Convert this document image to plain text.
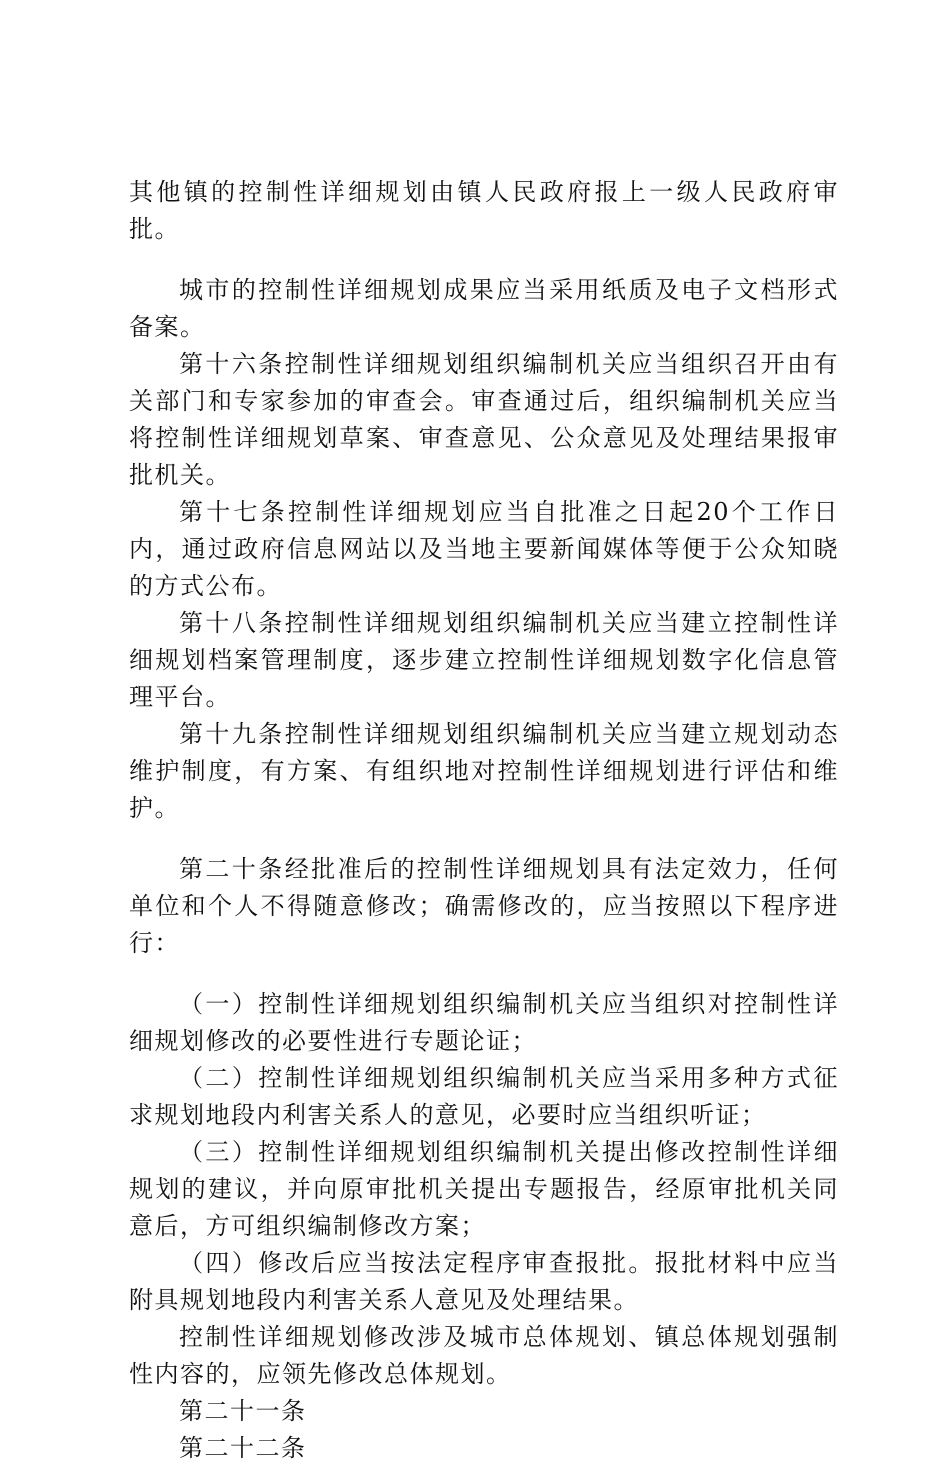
其他镇的控制性详细规划由镇人民政府报上一级人民政府审批。

城市的控制性详细规划成果应当采用纸质及电子文档形式备案。

第十六条控制性详细规划组织编制机关应当组织召开由有关部门和专家参加的审查会。审查通过后，组织编制机关应当将控制性详细规划草案、审查意见、公众意见及处理结果报审批机关。

第十七条控制性详细规划应当自批准之日起20个工作日内，通过政府信息网站以及当地主要新闻媒体等便于公众知晓的方式公布。

第十八条控制性详细规划组织编制机关应当建立控制性详细规划档案管理制度，逐步建立控制性详细规划数字化信息管理平台。

第十九条控制性详细规划组织编制机关应当建立规划动态维护制度，有方案、有组织地对控制性详细规划进行评估和维护。

第二十条经批准后的控制性详细规划具有法定效力，任何单位和个人不得随意修改；确需修改的，应当按照以下程序进行：

（一）控制性详细规划组织编制机关应当组织对控制性详细规划修改的必要性进行专题论证；

（二）控制性详细规划组织编制机关应当采用多种方式征求规划地段内利害关系人的意见，必要时应当组织听证；

（三）控制性详细规划组织编制机关提出修改控制性详细规划的建议，并向原审批机关提出专题报告，经原审批机关同意后，方可组织编制修改方案；

（四）修改后应当按法定程序审查报批。报批材料中应当附具规划地段内利害关系人意见及处理结果。

控制性详细规划修改涉及城市总体规划、镇总体规划强制性内容的，应领先修改总体规划。

第二十一条

第二十二条
